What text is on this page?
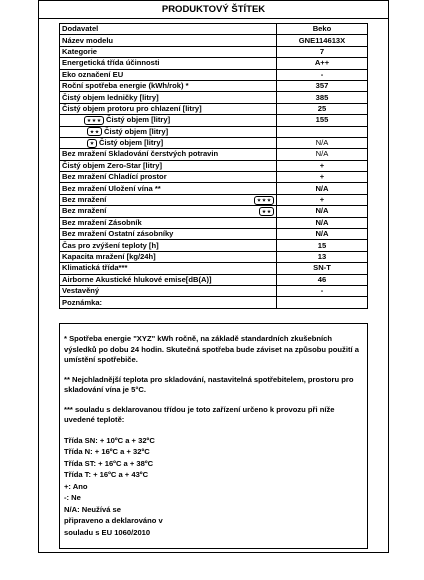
PRODUKTOVÝ ŠTÍTEK
Dodavatel	Beko

Název modelu	GNE114613X

Kategorie	7

Energetická třída účinnosti	A++

Eko označení EU	-

Roční spotřeba energie (kWh/rok) *	357

Čistý objem ledničky [litry]	385

Čistý objem protoru pro chlazení [litry]	25

Čistý objem [litry]	155

Čistý objem [litry]	

Čistý objem [litry]	N/A

Bez mražení Skladování čerstvých potravin	N/A

Čistý objem Zero-Star [litry]	+

Bez mražení Chladící prostor	+

Bez mražení Uložení vína **	N/A

Bez mražení	+

Bez mražení	N/A

Bez mražení Zásobník	N/A

Bez mražení Ostatní zásobníky	N/A

Čas pro zvýšení teploty [h]	15

Kapacita mražení [kg/24h]	13

Klimatická třída***	SN-T

Airborne Akustické hlukové emise[dB(A)]	46

Vestavěný	-

Poznámka:	

* Spotřeba energie "XYZ" kWh ročně, na základě standardních zkušebních výsledků po dobu 24 hodin. Skutečná spotřeba bude záviset na způsobu použití a umístění spotřebiče.

** Nejchladnější teplota pro skladování, nastavitelná spotřebitelem, prostoru pro skladování vína je 5°C.

*** souladu s deklarovanou třídou je toto zařízení určeno k provozu při níže uvedené teplotě:

Třída SN: + 10ºC a + 32ºC
Třída N: + 16ºC a + 32ºC
Třída ST: + 16ºC a + 38ºC
Třída T: + 16ºC a + 43ºC
+: Ano
-: Ne
N/A: Neužívá se
připraveno a deklarováno v
souladu s EU 1060/2010
